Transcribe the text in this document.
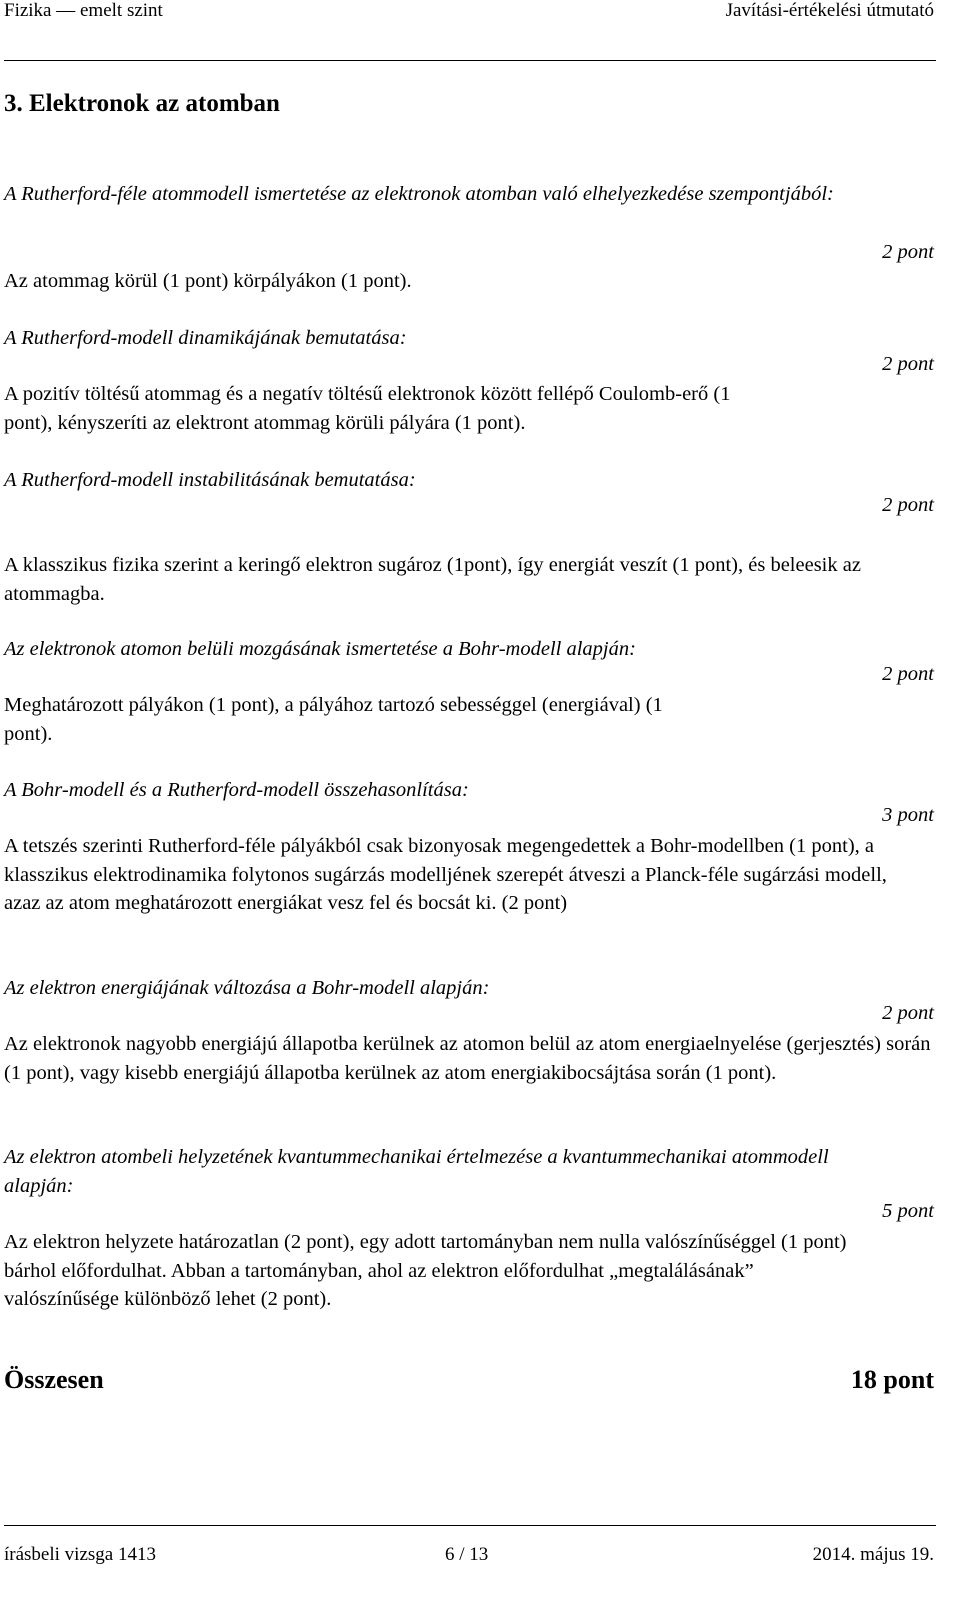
Fizika — emelt szint	Javítási-értékelési útmutató
3. Elektronok az atomban
A Rutherford-féle atommodell ismertetése az elektronok atomban való elhelyezkedése szempontjából:
2 pont
Az atommag körül (1 pont) körpályákon (1 pont).
A Rutherford-modell dinamikájának bemutatása:
2 pont
A pozitív töltésű atommag és a negatív töltésű elektronok között fellépő Coulomb-erő (1 pont), kényszeríti az elektront atommag körüli pályára (1 pont).
A Rutherford-modell instabilitásának bemutatása:
2 pont
A klasszikus fizika szerint a keringő elektron sugároz (1pont), így energiát veszít (1 pont), és beleesik az atommagba.
Az elektronok atomon belüli mozgásának ismertetése a Bohr-modell alapján:
2 pont
Meghatározott pályákon (1 pont), a pályához tartozó sebességgel (energiával) (1 pont).
A Bohr-modell és a Rutherford-modell összehasonlítása:
3 pont
A tetszés szerinti Rutherford-féle pályákból csak bizonyosak megengedettek a Bohr-modellben (1 pont), a klasszikus elektrodinamika folytonos sugárzás modelljének szerepét átveszi a Planck-féle sugárzási modell, azaz az atom meghatározott energiákat vesz fel és bocsát ki. (2 pont)
Az elektron energiájának változása a Bohr-modell alapján:
2 pont
Az elektronok nagyobb energiájú állapotba kerülnek az atomon belül az atom energiaelnyelése (gerjesztés) során (1 pont), vagy kisebb energiájú állapotba kerülnek az atom energiakibocsájtása során (1 pont).
Az elektron atombeli helyzetének kvantummechanikai értelmezése a kvantummechanikai atommodell alapján:
5 pont
Az elektron helyzete határozatlan (2 pont), egy adott tartományban nem nulla valószínűséggel (1 pont) bárhol előfordulhat. Abban a tartományban, ahol az elektron előfordulhat „megtalálásának” valószínűsége különböző lehet (2 pont).
Összesen	18 pont
írásbeli vizsga 1413	6 / 13	2014. május 19.
